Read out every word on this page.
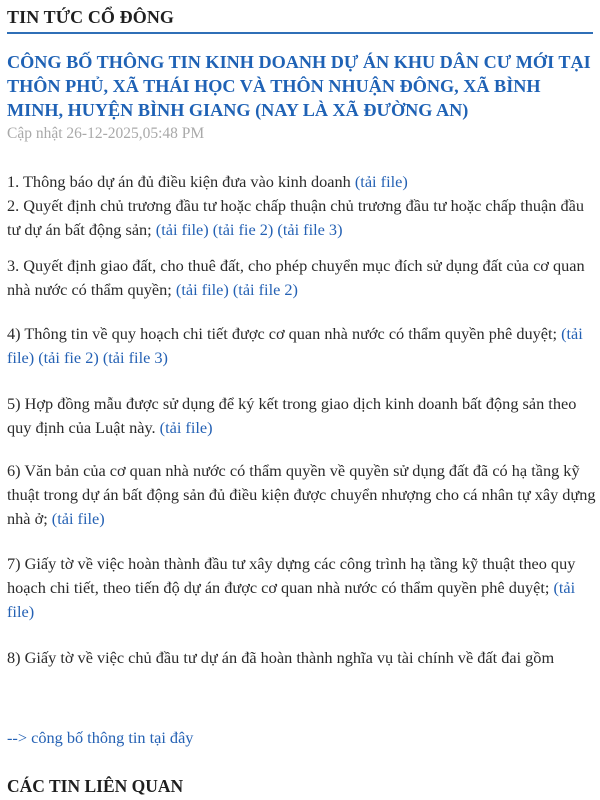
TIN TỨC CỔ ĐÔNG
CÔNG BỐ THÔNG TIN KINH DOANH DỰ ÁN KHU DÂN CƯ MỚI TẠI THÔN PHỦ, XÃ THÁI HỌC VÀ THÔN NHUẬN ĐÔNG, XÃ BÌNH MINH, HUYỆN BÌNH GIANG (NAY LÀ XÃ ĐƯỜNG AN)
Cập nhật 26-12-2025,05:48 PM

1. Thông báo dự án đủ điều kiện đưa vào kinh doanh (tải file)

2. Quyết định chủ trương đầu tư hoặc chấp thuận chủ trương đầu tư hoặc chấp thuận đầu tư dự án bất động sản; (tải file) (tải fie 2) (tải file 3)

3. Quyết định giao đất, cho thuê đất, cho phép chuyển mục đích sử dụng đất của cơ quan nhà nước có thẩm quyền; (tải file) (tải file 2)

4) Thông tin về quy hoạch chi tiết được cơ quan nhà nước có thẩm quyền phê duyệt; (tải file) (tải fie 2) (tải file 3)

5) Hợp đồng mẫu được sử dụng để ký kết trong giao dịch kinh doanh bất động sản theo quy định của Luật này. (tải file)

6) Văn bản của cơ quan nhà nước có thẩm quyền về quyền sử dụng đất đã có hạ tầng kỹ thuật trong dự án bất động sản đủ điều kiện được chuyển nhượng cho cá nhân tự xây dựng nhà ở; (tải file)

7) Giấy tờ về việc hoàn thành đầu tư xây dựng các công trình hạ tầng kỹ thuật theo quy hoạch chi tiết, theo tiến độ dự án được cơ quan nhà nước có thẩm quyền phê duyệt; (tải file)

8) Giấy tờ về việc chủ đầu tư dự án đã hoàn thành nghĩa vụ tài chính về đất đai gồm

--> công bố thông tin tại đây
CÁC TIN LIÊN QUAN
